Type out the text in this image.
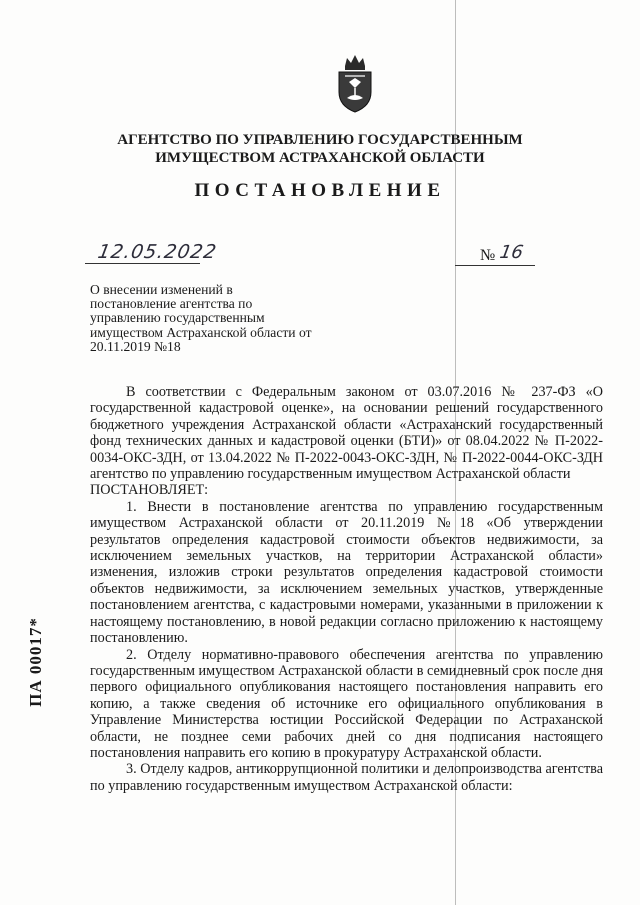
АГЕНТСТВО ПО УПРАВЛЕНИЮ ГОСУДАРСТВЕННЫМ
ИМУЩЕСТВОМ АСТРАХАНСКОЙ ОБЛАСТИ
ПОСТАНОВЛЕНИЕ
12.05.2022	№ 16
О внесении изменений в постановление агентства по управлению государственным имуществом Астраханской области от 20.11.2019 №18

В соответствии с Федеральным законом от 03.07.2016 № 237-ФЗ «О государственной кадастровой оценке», на основании решений государственного бюджетного учреждения Астраханской области «Астраханский государственный фонд технических данных и кадастровой оценки (БТИ)» от 08.04.2022 № П-2022-0034-ОКС-ЗДН, от 13.04.2022 № П-2022-0043-ОКС-ЗДН, № П-2022-0044-ОКС-ЗДН агентство по управлению государственным имуществом Астраханской области

ПОСТАНОВЛЯЕТ:

1. Внести в постановление агентства по управлению государственным имуществом Астраханской области от 20.11.2019 №18 «Об утверждении результатов определения кадастровой стоимости объектов недвижимости, за исключением земельных участков, на территории Астраханской области» изменения, изложив строки результатов определения кадастровой стоимости объектов недвижимости, за исключением земельных участков, утвержденные постановлением агентства, с кадастровыми номерами, указанными в приложении к настоящему постановлению, в новой редакции согласно приложению к настоящему постановлению.

2. Отделу нормативно-правового обеспечения агентства по управлению государственным имуществом Астраханской области в семидневный срок после дня первого официального опубликования настоящего постановления направить его копию, а также сведения об источнике его официального опубликования в Управление Министерства юстиции Российской Федерации по Астраханской области, не позднее семи рабочих дней со дня подписания настоящего постановления направить его копию в прокуратуру Астраханской области.

3. Отделу кадров, антикоррупционной политики и делопроизводства агентства по управлению государственным имуществом Астраханской области:

ПА 00017*
